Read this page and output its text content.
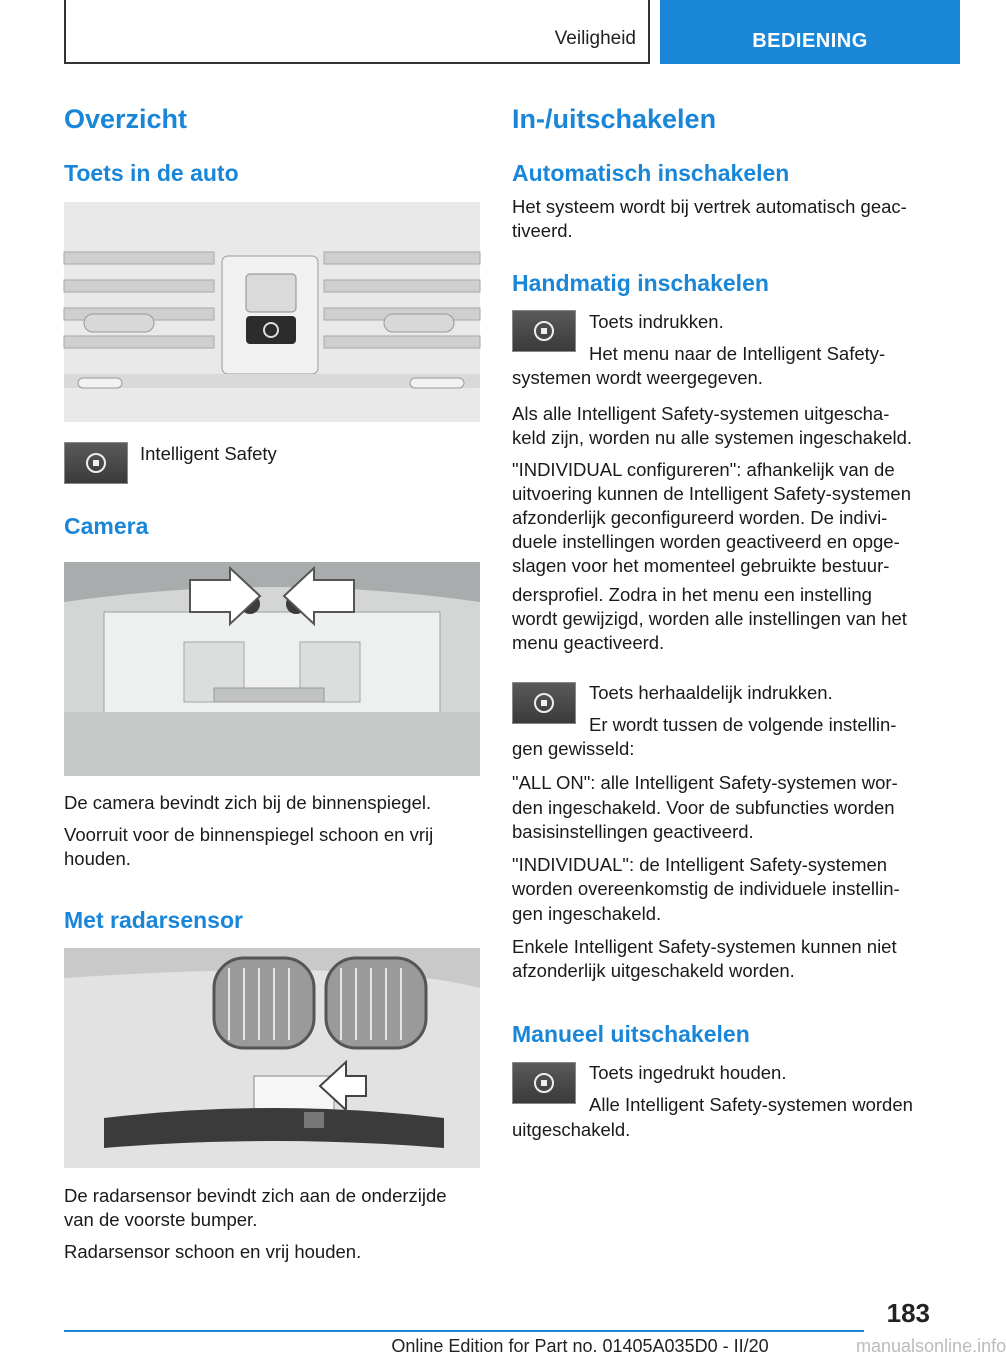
Veiligheid	BEDIENING
Overzicht
Toets in de auto

Intelligent Safety

Camera

De camera bevindt zich bij de binnenspiegel.

Voorruit voor de binnenspiegel schoon en vrij

houden.

Met radarsensor

De radarsensor bevindt zich aan de onderzijde

van de voorste bumper.

Radarsensor schoon en vrij houden.

In-/uitschakelen
Automatisch inschakelen

Het systeem wordt bij vertrek automatisch geac-

tiveerd.

Handmatig inschakelen

Toets indrukken.

Het menu naar de Intelligent Safety-

systemen wordt weergegeven.

Als alle Intelligent Safety-systemen uitgescha-

keld zijn, worden nu alle systemen ingeschakeld.

"INDIVIDUAL configureren": afhankelijk van de

uitvoering kunnen de Intelligent Safety-systemen

afzonderlijk geconfigureerd worden. De indivi-

duele instellingen worden geactiveerd en opge-

slagen voor het momenteel gebruikte bestuur-

dersprofiel. Zodra in het menu een instelling

wordt gewijzigd, worden alle instellingen van het

menu geactiveerd.

Toets herhaaldelijk indrukken.

Er wordt tussen de volgende instellin-

gen gewisseld:

"ALL ON": alle Intelligent Safety-systemen wor-

den ingeschakeld. Voor de subfuncties worden

basisinstellingen geactiveerd.

"INDIVIDUAL": de Intelligent Safety-systemen

worden overeenkomstig de individuele instellin-

gen ingeschakeld.

Enkele Intelligent Safety-systemen kunnen niet

afzonderlijk uitgeschakeld worden.

Manueel uitschakelen

Toets ingedrukt houden.

Alle Intelligent Safety-systemen worden

uitgeschakeld.

183
Online Edition for Part no. 01405A035D0 - II/20	manualsonline.info
